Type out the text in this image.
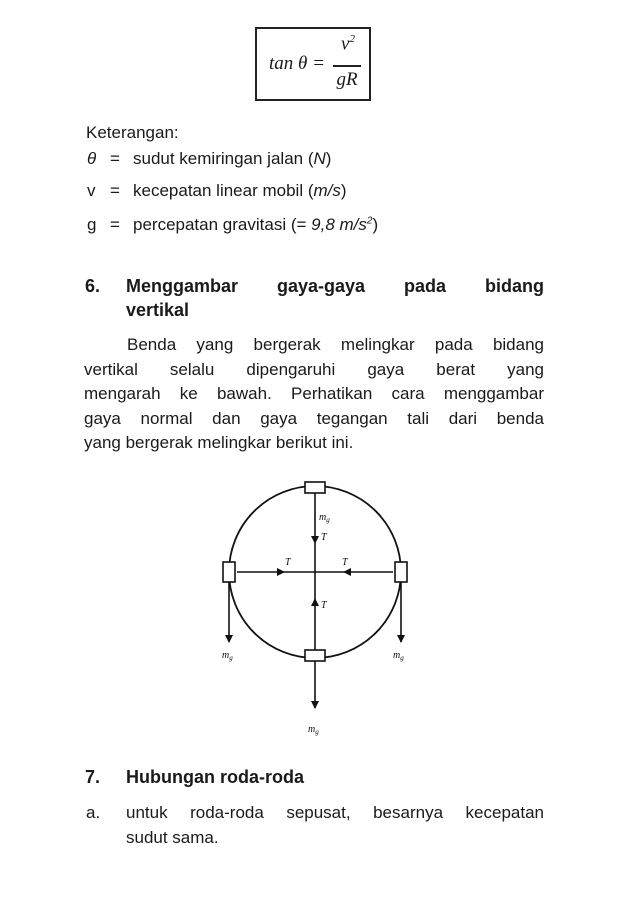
tan θ =
$v^2$
gR
Keterangan:
θ = sudut kemiringan jalan (N)
v = kecepatan linear mobil (m/s)
g = percepatan gravitasi (= 9,8 $m/s^2$)
6. Menggambar gaya-gaya pada bidang
vertikal
Benda yang bergerak melingkar pada bidang
vertikal selalu dipengaruhi gaya berat yang
mengarah ke bawah. Perhatikan cara menggambar
gaya normal dan gaya tegangan tali dari benda
yang bergerak melingkar berikut ini.
$m_g$
T
T	T
T
$m_g$	$m_g$
$m_g$
7. Hubungan roda-roda
a. untuk roda-roda sepusat, besarnya kecepatan
sudut sama.
